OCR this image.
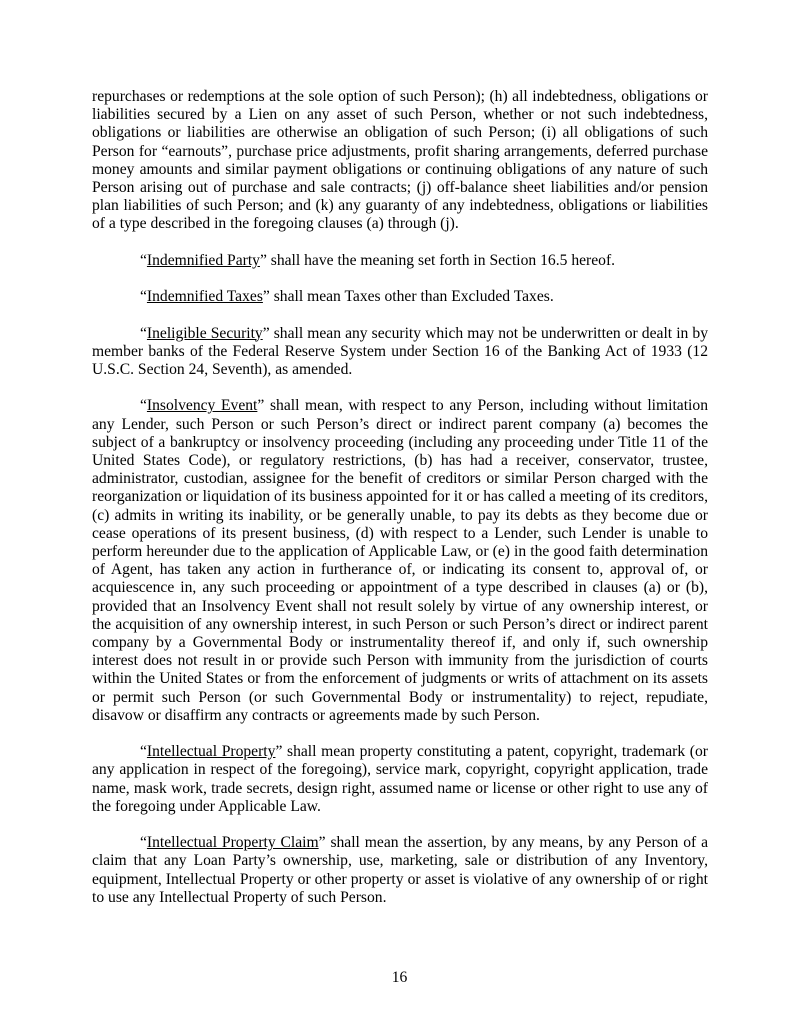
repurchases or redemptions at the sole option of such Person); (h) all indebtedness, obligations or liabilities secured by a Lien on any asset of such Person, whether or not such indebtedness, obligations or liabilities are otherwise an obligation of such Person; (i) all obligations of such Person for “earnouts”, purchase price adjustments, profit sharing arrangements, deferred purchase money amounts and similar payment obligations or continuing obligations of any nature of such Person arising out of purchase and sale contracts; (j) off-balance sheet liabilities and/or pension plan liabilities of such Person; and (k) any guaranty of any indebtedness, obligations or liabilities of a type described in the foregoing clauses (a) through (j).

“Indemnified Party” shall have the meaning set forth in Section 16.5 hereof.

“Indemnified Taxes” shall mean Taxes other than Excluded Taxes.

“Ineligible Security” shall mean any security which may not be underwritten or dealt in by member banks of the Federal Reserve System under Section 16 of the Banking Act of 1933 (12 U.S.C. Section 24, Seventh), as amended.

“Insolvency Event” shall mean, with respect to any Person, including without limitation any Lender, such Person or such Person’s direct or indirect parent company (a) becomes the subject of a bankruptcy or insolvency proceeding (including any proceeding under Title 11 of the United States Code), or regulatory restrictions, (b) has had a receiver, conservator, trustee, administrator, custodian, assignee for the benefit of creditors or similar Person charged with the reorganization or liquidation of its business appointed for it or has called a meeting of its creditors, (c) admits in writing its inability, or be generally unable, to pay its debts as they become due or cease operations of its present business, (d) with respect to a Lender, such Lender is unable to perform hereunder due to the application of Applicable Law, or (e) in the good faith determination of Agent, has taken any action in furtherance of, or indicating its consent to, approval of, or acquiescence in, any such proceeding or appointment of a type described in clauses (a) or (b), provided that an Insolvency Event shall not result solely by virtue of any ownership interest, or the acquisition of any ownership interest, in such Person or such Person’s direct or indirect parent company by a Governmental Body or instrumentality thereof if, and only if, such ownership interest does not result in or provide such Person with immunity from the jurisdiction of courts within the United States or from the enforcement of judgments or writs of attachment on its assets or permit such Person (or such Governmental Body or instrumentality) to reject, repudiate, disavow or disaffirm any contracts or agreements made by such Person.

“Intellectual Property” shall mean property constituting a patent, copyright, trademark (or any application in respect of the foregoing), service mark, copyright, copyright application, trade name, mask work, trade secrets, design right, assumed name or license or other right to use any of the foregoing under Applicable Law.

“Intellectual Property Claim” shall mean the assertion, by any means, by any Person of a claim that any Loan Party’s ownership, use, marketing, sale or distribution of any Inventory, equipment, Intellectual Property or other property or asset is violative of any ownership of or right to use any Intellectual Property of such Person.

16
